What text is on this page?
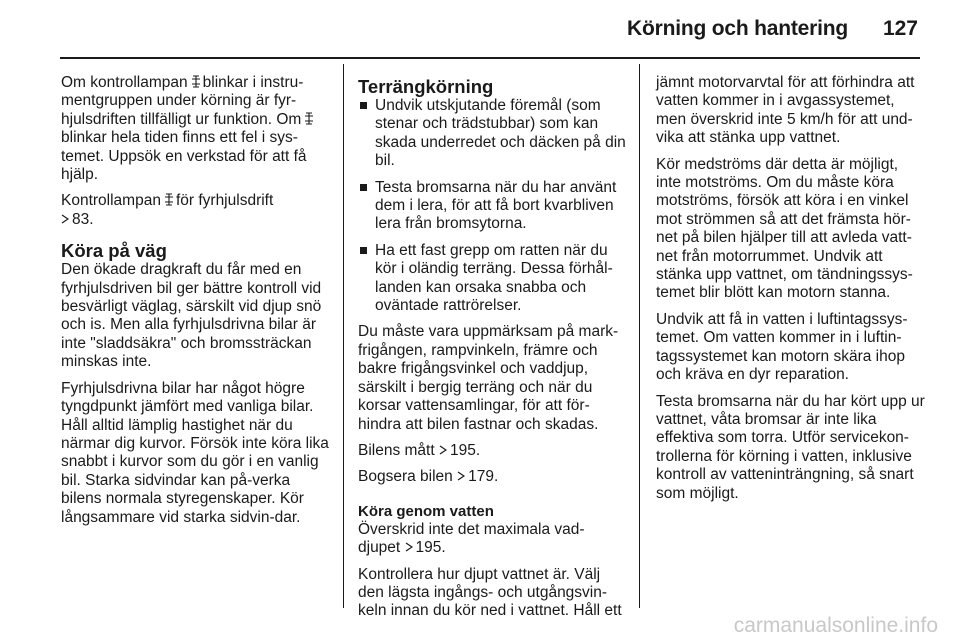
Körning och hantering 127

Om kontrollampan blinkar i instru-mentgruppen under körning är fyr-hjulsdriften tillfälligt ur funktion. Om
blinkar hela tiden finns ett fel i sys-temet. Uppsök en verkstad för att få hjälp.

Kontrollampan för fyrhjulsdrift

83.

Köra på väg

Den ökade dragkraft du får med en fyrhjulsdriven bil ger bättre kontroll vid besvärligt väglag, särskilt vid djup snö och is. Men alla fyrhjulsdrivna bilar är inte "sladdsäkra" och bromssträckan minskas inte.

Fyrhjulsdrivna bilar har något högre tyngdpunkt jämfört med vanliga bilar. Håll alltid lämplig hastighet när du närmar dig kurvor. Försök inte köra lika snabbt i kurvor som du gör i en vanlig bil. Starka sidvindar kan på-verka bilens normala styregenskaper. Kör långsammare vid starka sidvin-dar.

Terrängkörning
Undvik utskjutande föremål (som stenar och trädstubbar) som kan skada underredet och däcken på din bil.
Testa bromsarna när du har använt dem i lera, för att få bort kvarbliven lera från bromsytorna.
Ha ett fast grepp om ratten när du kör i oländig terräng. Dessa förhål-landen kan orsaka snabba och oväntade rattrörelser.

Du måste vara uppmärksam på mark-frigången, rampvinkeln, främre och bakre frigångsvinkel och vaddjup, särskilt i bergig terräng och när du korsar vattensamlingar, för att för-hindra att bilen fastnar och skadas.

Bilens mått 195.

Bogsera bilen 179.

Köra genom vatten

Överskrid inte det maximala vad-djupet 195.

Kontrollera hur djupt vattnet är. Välj den lägsta ingångs- och utgångsvin-keln innan du kör ned i vattnet. Håll ett

jämnt motorvarvtal för att förhindra att vatten kommer in i avgassystemet, men överskrid inte 5 km/h för att und-vika att stänka upp vattnet.

Kör medströms där detta är möjligt, inte motströms. Om du måste köra motströms, försök att köra i en vinkel mot strömmen så att det främsta hör-net på bilen hjälper till att avleda vatt-net från motorrummet. Undvik att stänka upp vattnet, om tändningssys-temet blir blött kan motorn stanna.

Undvik att få in vatten i luftintagssys-temet. Om vatten kommer in i luftin-tagssystemet kan motorn skära ihop och kräva en dyr reparation.

Testa bromsarna när du har kört upp ur vattnet, våta bromsar är inte lika effektiva som torra. Utför servicekon-trollerna för körning i vatten, inklusive kontroll av vatteninträngning, så snart som möjligt.

carmanualsonline.info
